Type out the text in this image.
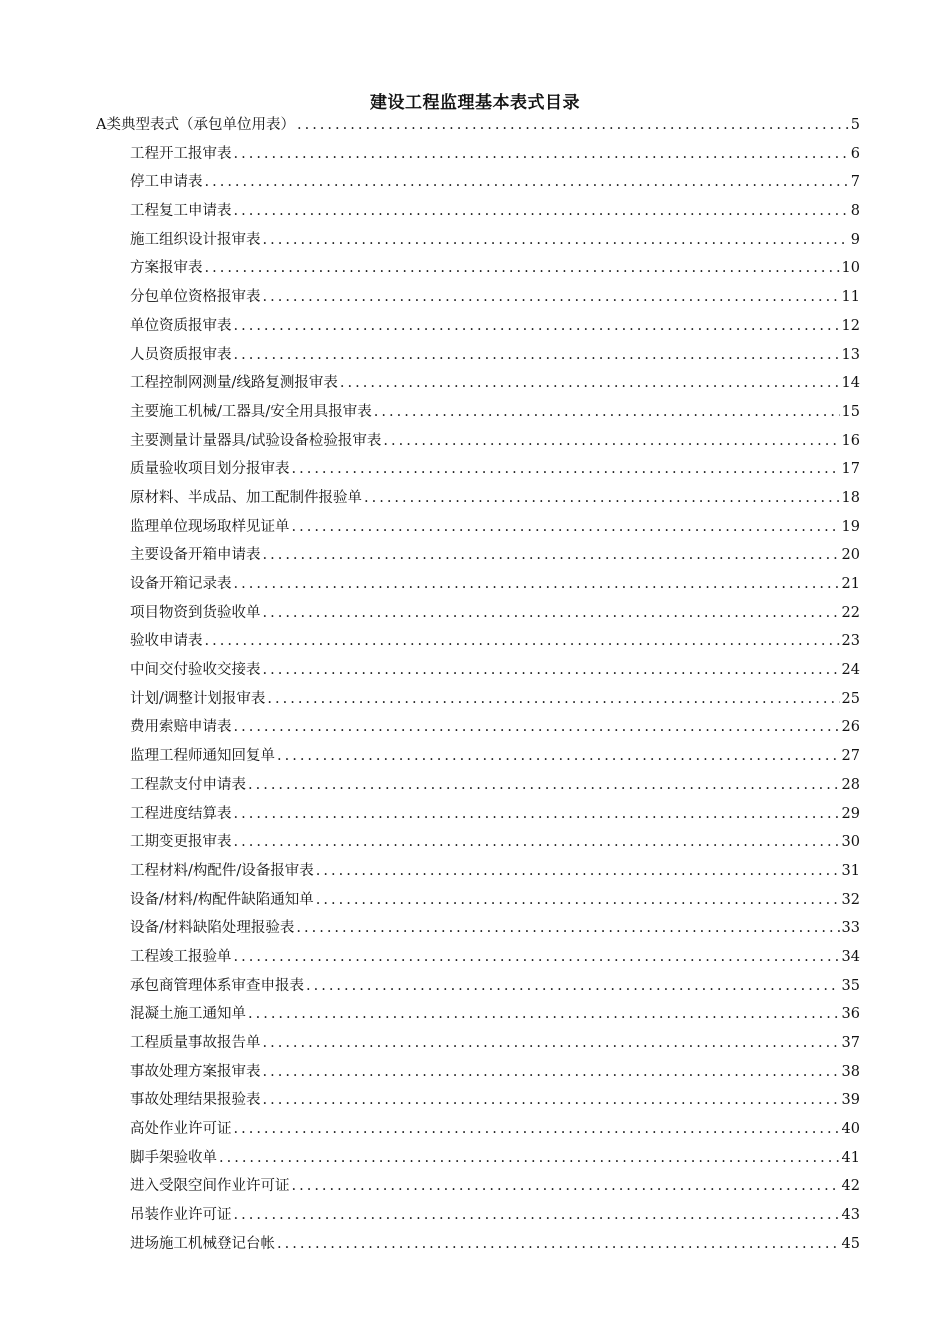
建设工程监理基本表式目录
A类典型表式（承包单位用表） .....	5
工程开工报审表 .....	6
停工申请表 .....	7
工程复工申请表 .....	8
施工组织设计报审表 .....	9
方案报审表 .....	10
分包单位资格报审表 .....	11
单位资质报审表 .....	12
人员资质报审表 .....	13
工程控制网测量/线路复测报审表 .....	14
主要施工机械/工器具/安全用具报审表 .....	15
主要测量计量器具/试验设备检验报审表 .....	16
质量验收项目划分报审表 .....	17
原材料、半成品、加工配制件报验单 .....	18
监理单位现场取样见证单 .....	19
主要设备开箱申请表 .....	20
设备开箱记录表 .....	21
项目物资到货验收单 .....	22
验收申请表 .....	23
中间交付验收交接表 .....	24
计划/调整计划报审表 .....	25
费用索赔申请表 .....	26
监理工程师通知回复单 .....	27
工程款支付申请表 .....	28
工程进度结算表 .....	29
工期变更报审表 .....	30
工程材料/构配件/设备报审表 .....	31
设备/材料/构配件缺陷通知单 .....	32
设备/材料缺陷处理报验表 .....	33
工程竣工报验单 .....	34
承包商管理体系审查申报表 .....	35
混凝土施工通知单 .....	36
工程质量事故报告单 .....	37
事故处理方案报审表 .....	38
事故处理结果报验表 .....	39
高处作业许可证 .....	40
脚手架验收单 .....	41
进入受限空间作业许可证 .....	42
吊装作业许可证 .....	43
进场施工机械登记台帐 .....	45
